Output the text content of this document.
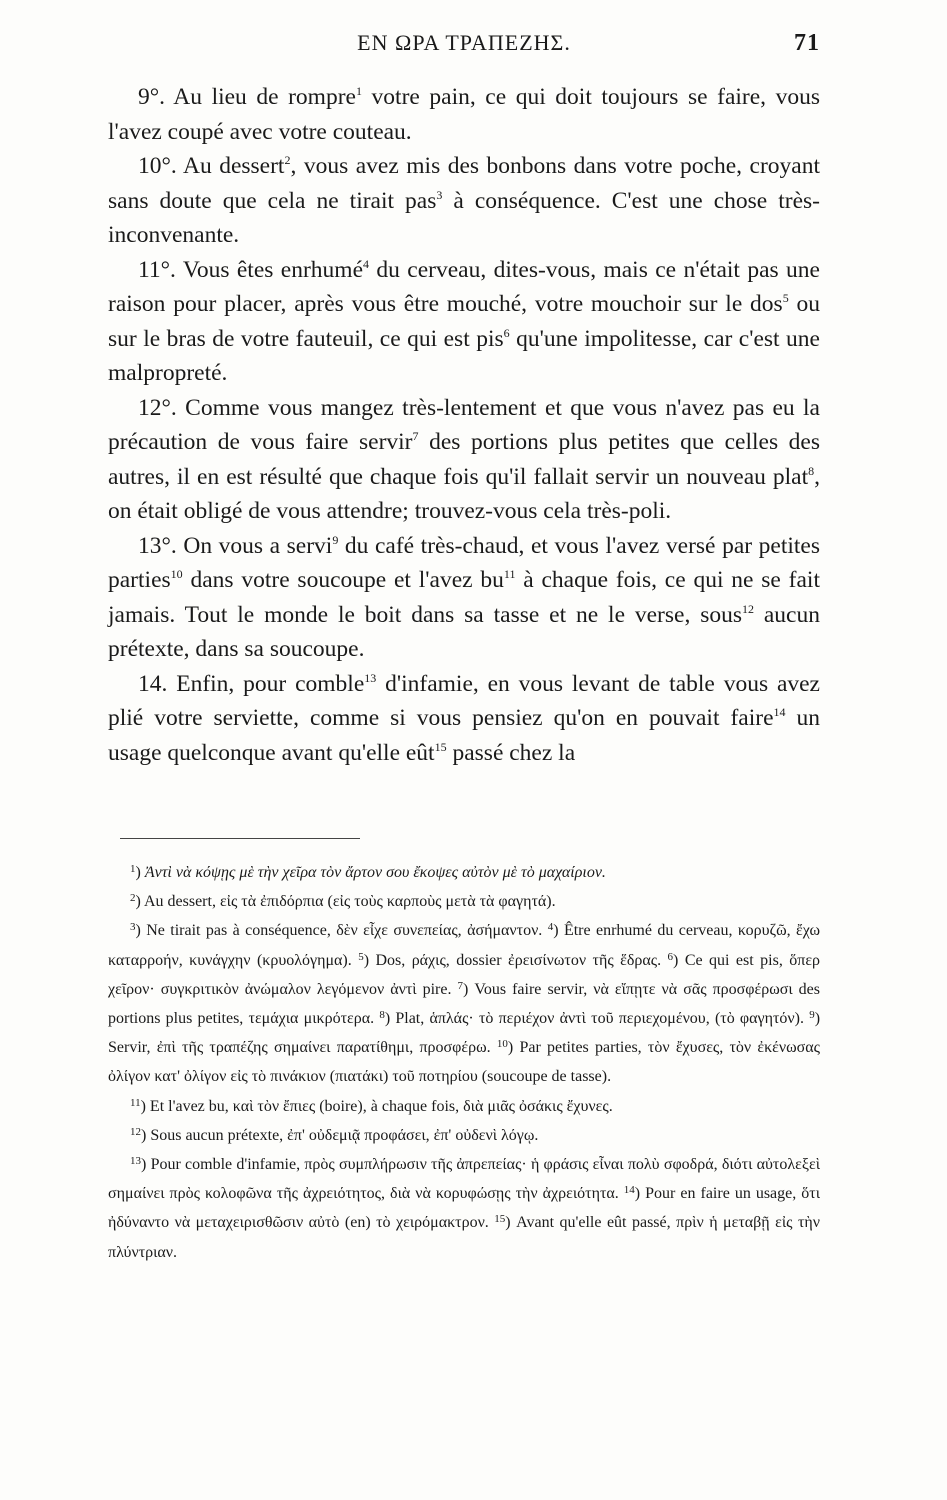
ΕΝ ΩΡΑ ΤΡΑΠΕΖΗΣ.	71

9°. Au lieu de rompre$^1$ votre pain, ce qui doit toujours se faire, vous l'avez coupé avec votre couteau.

10°. Au dessert$^2$, vous avez mis des bonbons dans votre poche, croyant sans doute que cela ne tirait pas$^3$ à conséquence. C'est une chose très-inconvenante.

11°. Vous êtes enrhumé$^4$ du cerveau, dites-vous, mais ce n'était pas une raison pour placer, après vous être mouché, votre mouchoir sur le dos$^5$ ou sur le bras de votre fauteuil, ce qui est pis$^6$ qu'une impolitesse, car c'est une malpropreté.

12°. Comme vous mangez très-lentement et que vous n'avez pas eu la précaution de vous faire servir$^7$ des portions plus petites que celles des autres, il en est résulté que chaque fois qu'il fallait servir un nouveau plat$^8$, on était obligé de vous attendre; trouvez-vous cela très-poli.

13°. On vous a servi$^9$ du café très-chaud, et vous l'avez versé par petites parties$^{10}$ dans votre soucoupe et l'avez $bu^{11}$ à chaque fois, ce qui ne se fait jamais. Tout le monde le boit dans sa tasse et ne le verse, sous$^{12}$ aucun prétexte, dans sa soucoupe.

14. Enfin, pour comble$^{13}$ d'infamie, en vous levant de table vous avez plié votre serviette, comme si vous pensiez qu'on en pouvait faire$^{14}$ un usage quelconque avant qu'elle eût$^{15}$ passé chez la

$^1$) Ἀντὶ νὰ κόψῃς μὲ τὴν χεῖρα τὸν ἄρτον σου ἔκοψες αὐτὸν μὲ τὸ μαχαίριον.

$^2$) Au dessert, εἰς τὰ ἐπιδόρπια (εἰς τοὺς καρποὺς μετὰ τὰ φαγητά).

$^3$) Ne tirait pas à conséquence, δὲν εἶχε συνεπείας, ἀσήμαντον. $^4$) Être enrhumé du cerveau, κορυζῶ, ἔχω καταρροήν, κυνάγχην (κρυολόγημα). $^5$) Dos, ράχις, dossier ἐρεισίνωτον τῆς ἕδρας. $^6$) Ce qui est pis, ὅπερ χεῖρον· συγκριτικὸν ἀνώμαλον λεγόμενον ἀντὶ pire. $^7$) Vous faire servir, νὰ εἴπῃτε νὰ σᾶς προσφέρωσι des portions plus petites, τεμάχια μικρότερα. $^8$) Plat, ἁπλάς· τὸ περιέχον ἀντὶ τοῦ περιεχομένου, (τὸ φαγητόν). $^9$) Servir, ἐπὶ τῆς τραπέζης σημαίνει παρατίθημι, προσφέρω. $^{10}$) Par petites parties, τὸν ἔχυσες, τὸν ἐκένωσας ὀλίγον κατ' ὀλίγον εἰς τὸ πινάκιον (πιατάκι) τοῦ ποτηρίου (soucoupe de tasse).

$^{11}$) Et l'avez bu, καὶ τὸν ἔπιες (boire), à chaque fois, διὰ μιᾶς ὀσάκις ἔχυνες.

$^{12}$) Sous aucun prétexte, ἐπ' οὐδεμιᾷ προφάσει, ἐπ' οὐδενὶ λόγῳ.

$^{13}$) Pour comble d'infamie, πρὸς συμπλήρωσιν τῆς ἀπρεπείας· ἡ φράσις εἶναι πολὺ σφοδρά, διότι αὐτολεξεὶ σημαίνει πρὸς κολοφῶνα τῆς ἀχρειότητος, διὰ νὰ κορυφώσῃς τὴν ἀχρειότητα. $^{14}$) Pour en faire un usage, ὅτι ἠδύναντο νὰ μεταχειρισθῶσιν αὐτὸ (en) τὸ χειρόμακτρον. $^{15}$) Avant qu'elle eût passé, πρὶν ἡ μεταβῇ εἰς τὴν πλύντριαν.
